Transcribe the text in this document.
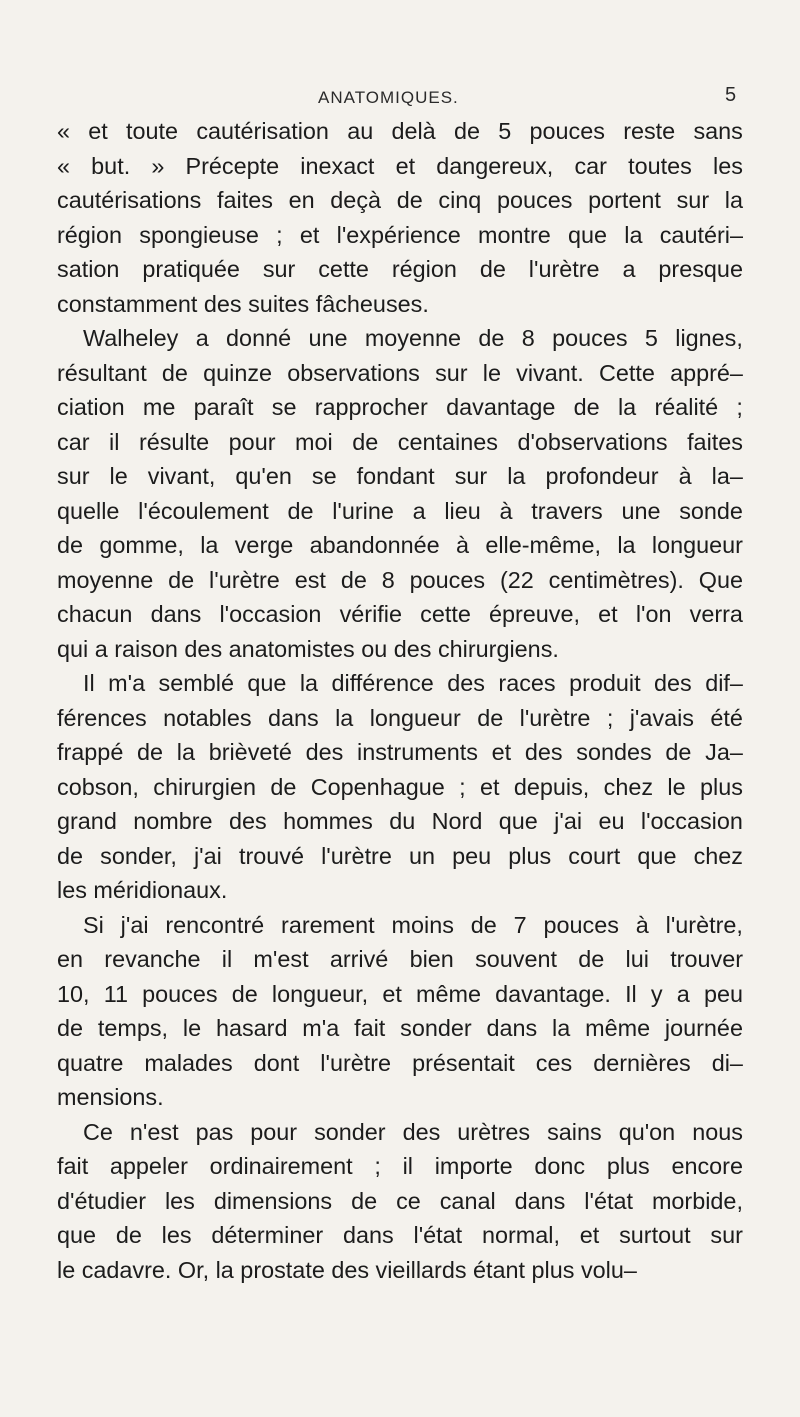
ANATOMIQUES.	5
« et toute cautérisation au delà de 5 pouces reste sans
« but. » Précepte inexact et dangereux, car toutes les
cautérisations faites en deçà de cinq pouces portent sur la
région spongieuse ; et l'expérience montre que la cautéri–
sation pratiquée sur cette région de l'urètre a presque
constamment des suites fâcheuses.
Walheley a donné une moyenne de 8 pouces 5 lignes,
résultant de quinze observations sur le vivant. Cette appré–
ciation me paraît se rapprocher davantage de la réalité ;
car il résulte pour moi de centaines d'observations faites
sur le vivant, qu'en se fondant sur la profondeur à la–
quelle l'écoulement de l'urine a lieu à travers une sonde
de gomme, la verge abandonnée à elle-même, la longueur
moyenne de l'urètre est de 8 pouces (22 centimètres). Que
chacun dans l'occasion vérifie cette épreuve, et l'on verra
qui a raison des anatomistes ou des chirurgiens.
Il m'a semblé que la différence des races produit des dif–
férences notables dans la longueur de l'urètre ; j'avais été
frappé de la brièveté des instruments et des sondes de Ja–
cobson, chirurgien de Copenhague ; et depuis, chez le plus
grand nombre des hommes du Nord que j'ai eu l'occasion
de sonder, j'ai trouvé l'urètre un peu plus court que chez
les méridionaux.
Si j'ai rencontré rarement moins de 7 pouces à l'urètre,
en revanche il m'est arrivé bien souvent de lui trouver
10, 11 pouces de longueur, et même davantage. Il y a peu
de temps, le hasard m'a fait sonder dans la même journée
quatre malades dont l'urètre présentait ces dernières di–
mensions.
Ce n'est pas pour sonder des urètres sains qu'on nous
fait appeler ordinairement ; il importe donc plus encore
d'étudier les dimensions de ce canal dans l'état morbide,
que de les déterminer dans l'état normal, et surtout sur
le cadavre. Or, la prostate des vieillards étant plus volu–
